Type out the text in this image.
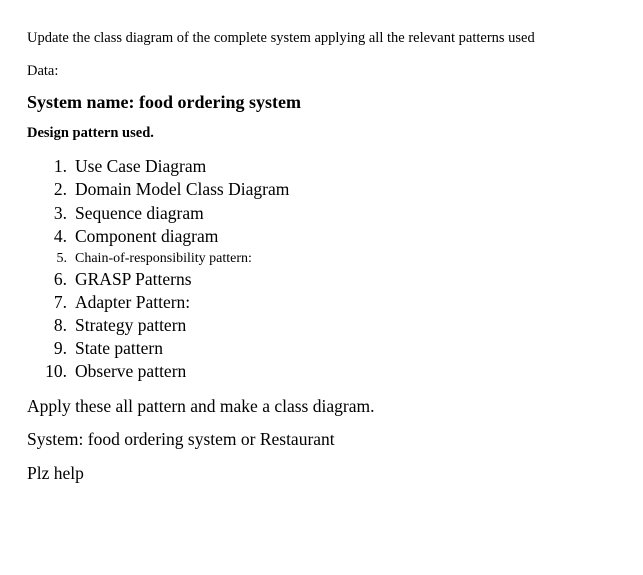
Update the class diagram of the complete system applying all the relevant patterns used
Data:
System name: food ordering system
Design pattern used.
1. Use Case Diagram
2. Domain Model Class Diagram
3. Sequence diagram
4. Component diagram
5. Chain-of-responsibility pattern:
6. GRASP Patterns
7. Adapter Pattern:
8. Strategy pattern
9. State pattern
10. Observe pattern
Apply these all pattern and make a class diagram.
System: food ordering system or Restaurant
Plz help
